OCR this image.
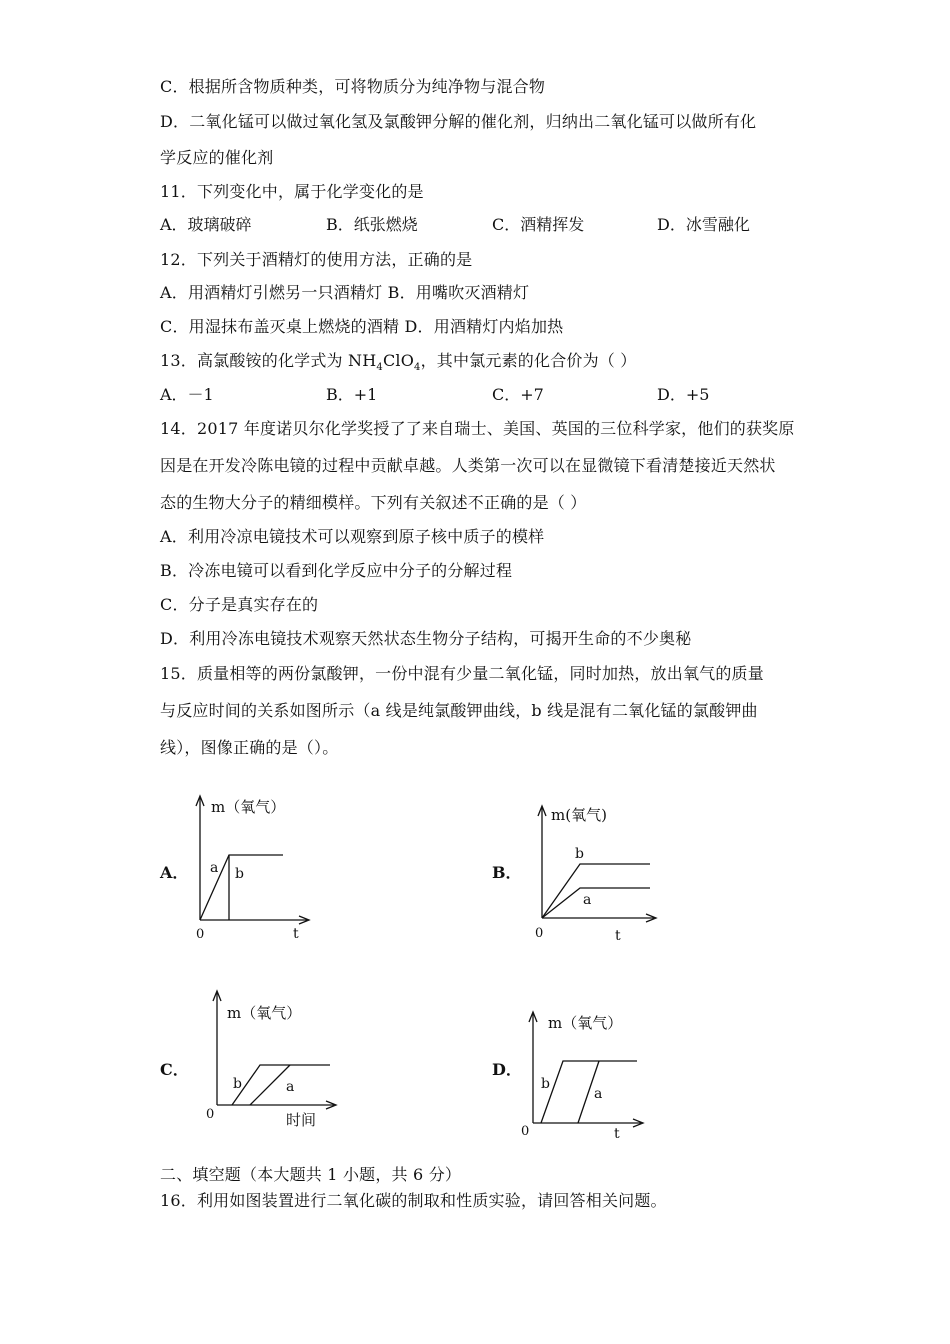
C．根据所含物质种类，可将物质分为纯净物与混合物
D．二氧化锰可以做过氧化氢及氯酸钾分解的催化剂，归纳出二氧化锰可以做所有化
学反应的催化剂
11．下列变化中，属于化学变化的是
A．玻璃破碎	B．纸张燃烧	C．酒精挥发	D．冰雪融化
12．下列关于酒精灯的使用方法，正确的是
A．用酒精灯引燃另一只酒精灯 B．用嘴吹灭酒精灯
C．用湿抹布盖灭桌上燃烧的酒精 D．用酒精灯内焰加热
13．高氯酸铵的化学式为 $NH_4ClO_4$，其中氯元素的化合价为（ ）
A．－1	B．+1	C．+7	D．+5
14．2017 年度诺贝尔化学奖授了了来自瑞士、美国、英国的三位科学家，他们的获奖原
因是在开发冷陈电镜的过程中贡献卓越。人类第一次可以在显微镜下看清楚接近天然状
态的生物大分子的精细模样。下列有关叙述不正确的是（ ）
A．利用冷凉电镜技术可以观察到原子核中质子的模样
B．冷冻电镜可以看到化学反应中分子的分解过程
C．分子是真实存在的
D．利用冷冻电镜技术观察天然状态生物分子结构，可揭开生命的不少奥秘
15．质量相等的两份氯酸钾，一份中混有少量二氧化锰，同时加热，放出氧气的质量
与反应时间的关系如图所示（a 线是纯氯酸钾曲线，b 线是混有二氧化锰的氯酸钾曲
线），图像正确的是（）。
A．
m（氧气）
a b
0	t
B．
m(氧气)
b
a
0	t
C．
m（氧气）
b	a
0	时间
D．
m（氧气）
b
a
0	t
二、填空题（本大题共 1 小题，共 6 分）
16．利用如图装置进行二氧化碳的制取和性质实验，请回答相关问题。
